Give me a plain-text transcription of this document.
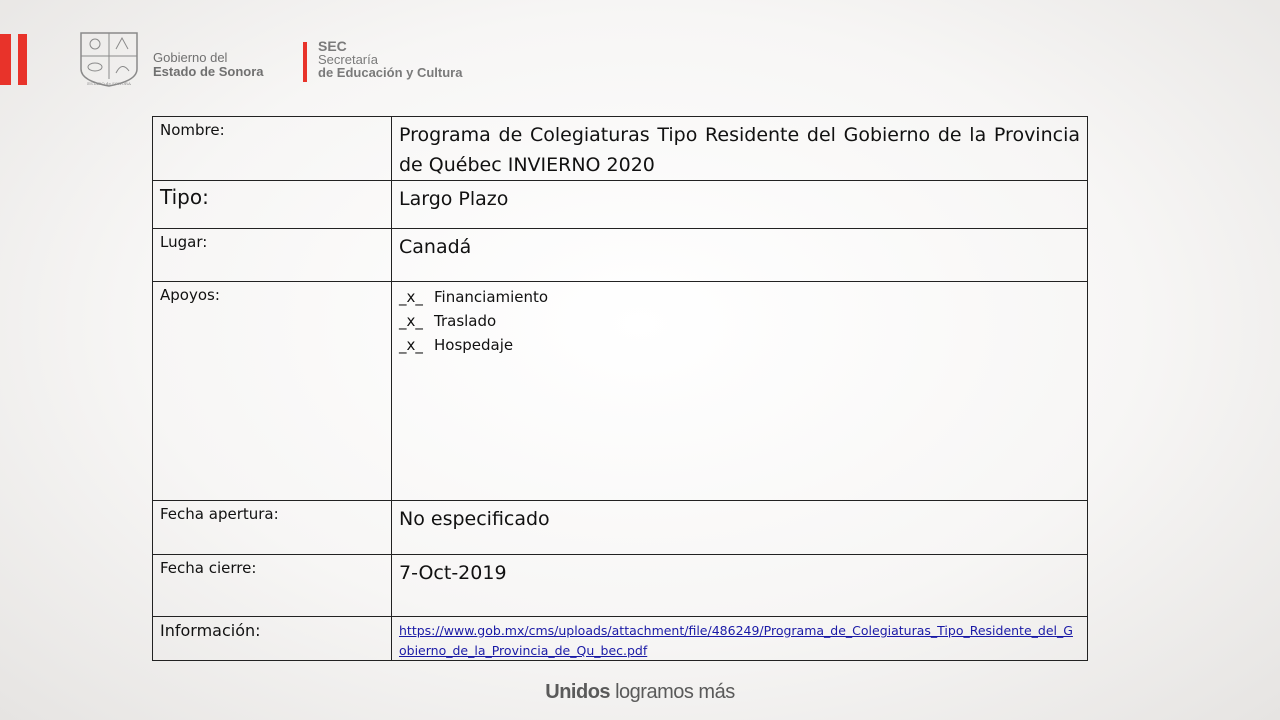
ESTADO de SONORA
Gobierno del
Estado de Sonora
SEC
Secretaría
de Educación y Cultura
Nombre:	Programa de Colegiaturas Tipo Residente del Gobierno de la Provincia de Québec INVIERNO 2020
Tipo:	Largo Plazo
Lugar:	Canadá
Apoyos:	_x_ Financiamiento
_x_ Traslado
_x_ Hospedaje

Fecha apertura:	No especificado
Fecha cierre:	7-Oct-2019
Información:	https://www.gob.mx/cms/uploads/attachment/file/486249/Programa_de_Colegiaturas_Tipo_Residente_del_Gobierno_de_la_Provincia_de_Qu_bec.pdf
Unidos logramos más
